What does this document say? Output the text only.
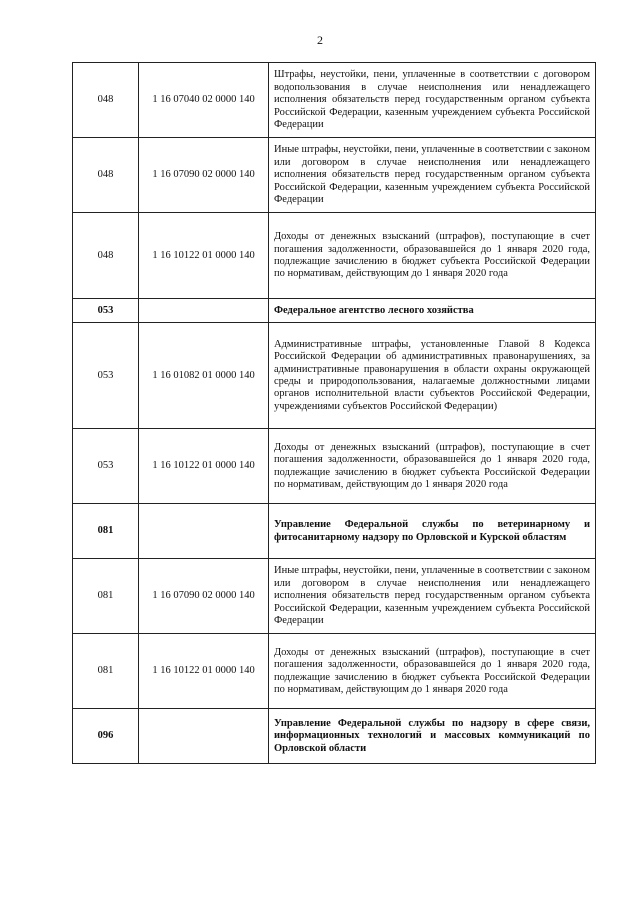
2
048	1 16 07040 02 0000 140	Штрафы, неустойки, пени, уплаченные в соответствии с договором водопользования в случае неисполнения или ненадлежащего исполнения обязательств перед государственным органом субъекта Российской Федерации, казенным учреждением субъекта Российской Федерации
048	1 16 07090 02 0000 140	Иные штрафы, неустойки, пени, уплаченные в соответствии с законом или договором в случае неисполнения или ненадлежащего исполнения обязательств перед государственным органом субъекта Российской Федерации, казенным учреждением субъекта Российской Федерации
048	1 16 10122 01 0000 140	Доходы от денежных взысканий (штрафов), поступающие в счет погашения задолженности, образовавшейся до 1 января 2020 года, подлежащие зачислению в бюджет субъекта Российской Федерации по нормативам, действующим до 1 января 2020 года
053		Федеральное агентство лесного хозяйства
053	1 16 01082 01 0000 140	Административные штрафы, установленные Главой 8 Кодекса Российской Федерации об административных правонарушениях, за административные правонарушения в области охраны окружающей среды и природопользования, налагаемые должностными лицами органов исполнительной власти субъектов Российской Федерации, учреждениями субъектов Российской Федерации)
053	1 16 10122 01 0000 140	Доходы от денежных взысканий (штрафов), поступающие в счет погашения задолженности, образовавшейся до 1 января 2020 года, подлежащие зачислению в бюджет субъекта Российской Федерации по нормативам, действующим до 1 января 2020 года
081		Управление Федеральной службы по ветеринарному и фитосанитарному надзору по Орловской и Курской областям
081	1 16 07090 02 0000 140	Иные штрафы, неустойки, пени, уплаченные в соответствии с законом или договором в случае неисполнения или ненадлежащего исполнения обязательств перед государственным органом субъекта Российской Федерации, казенным учреждением субъекта Российской Федерации
081	1 16 10122 01 0000 140	Доходы от денежных взысканий (штрафов), поступающие в счет погашения задолженности, образовавшейся до 1 января 2020 года, подлежащие зачислению в бюджет субъекта Российской Федерации по нормативам, действующим до 1 января 2020 года
096		Управление Федеральной службы по надзору в сфере связи, информационных технологий и массовых коммуникаций по Орловской области
